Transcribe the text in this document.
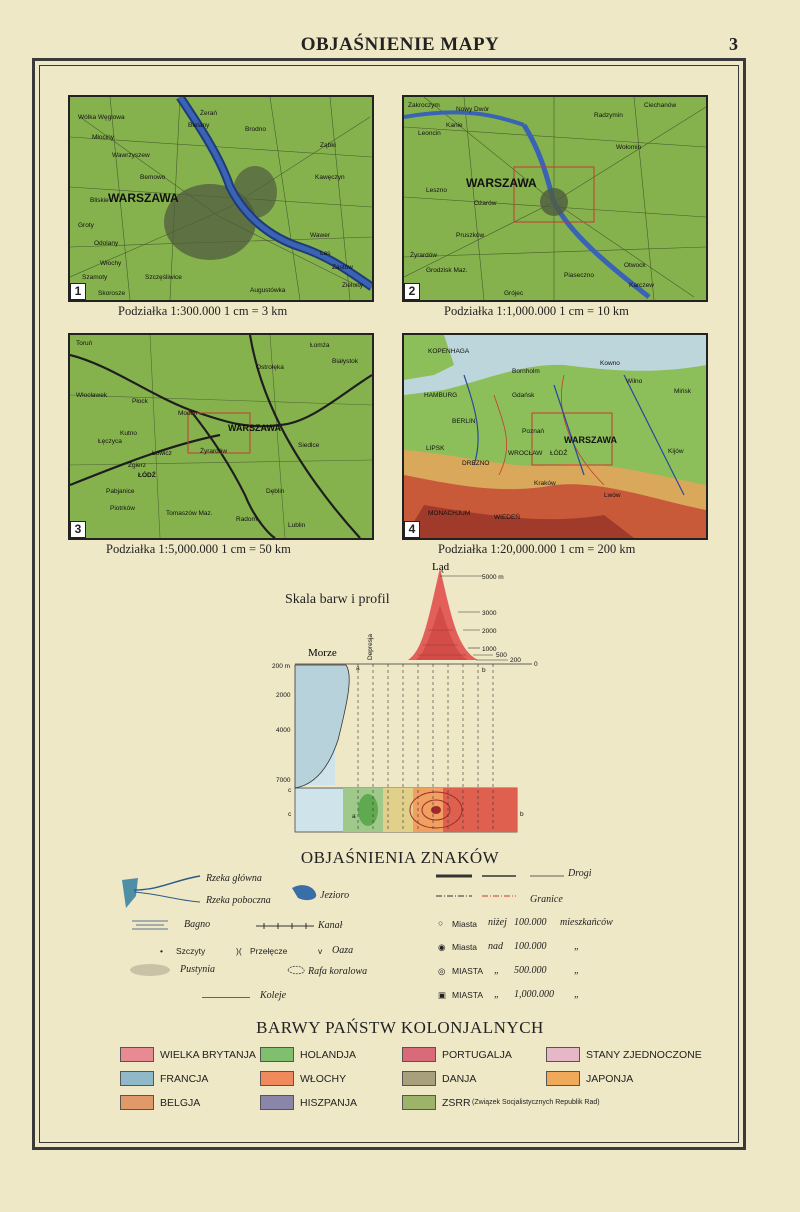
OBJAŚNIENIE MAPY	3
WARSZAWA
Wólka Węglowa
Młociny
Wawrzyszew
Bielany
Żerań
Brodno
Ząbki
Bemowo
Bliskie
Groty
Odolany
Kawęczyn
Włochy
Szamoty
Wawer
Las
Szczęśliwice
Zastów
Skorosze	Augustówka
Zielony
1
Podziałka 1:300.000 1 cm = 3 km
WARSZAWA
Zakroczym
Nowy Dwór
Kanie
Leoncin
Radzymin
Wołomin
Leszno
Ożarów
Pruszków
Grodzisk Maz.
Otwock
Piaseczno
Karczew
Grójec
Ciechanów
Żyrardów
2
Podziałka 1:1,000.000 1 cm = 10 km
WARSZAWA
Toruń
Włocławek
Płock
Modlin
Ostrołęka
Łomża
Białystok
Łęczyca
Kutno
Łowicz	Żyrardów
Zgierz
ŁÓDŹ
Pabjanice
Piotrków
Tomaszów Maz.
Radom
Siedlce
Dęblin
Lublin
3
Podziałka 1:5,000.000 1 cm = 50 km
WARSZAWA
KOPENHAGA
Bornholm
Kowno
Wilno
Mińsk
HAMBURG	Gdańsk
BERLIN
Poznań
WROCŁAW ŁÓDŹ
LIPSK
DREZNO
Kraków
Lwów
MONACHJUM
WIEDEŃ
Kijów
4
Podziałka 1:20,000.000 1 cm = 200 km
Skala barw i profil
5000 m
3000
2000
1000
500
200
0
200 m
2000
4000
7000
Ląd
Morze	Depresja
a	b
c
a
c	b
OBJAŚNIENIA ZNAKÓW
Rzeka główna
Rzeka poboczna	Jezioro
Drogi
Granice
Bagno	Kanał
• Szczyty	)( Przełęcze	v Oaza
Pustynia	Rafa koralowa
Koleje
○ Miasta niżej 100.000 mieszkańców
◉ Miasta nad 100.000	„
◎ MIASTA „ 500.000	„
▣ MIASTA „ 1,000.000 „
BARWY PAŃSTW KOLONJALNYCH
WIELKA BRYTANJA	HOLANDJA	PORTUGALJA	STANY ZJEDNOCZONE
FRANCJA	WŁOCHY	DANJA	JAPONJA
BELGJA	HISZPANJA	ZSRR (Związek Socjalistycznych Republik Rad)
